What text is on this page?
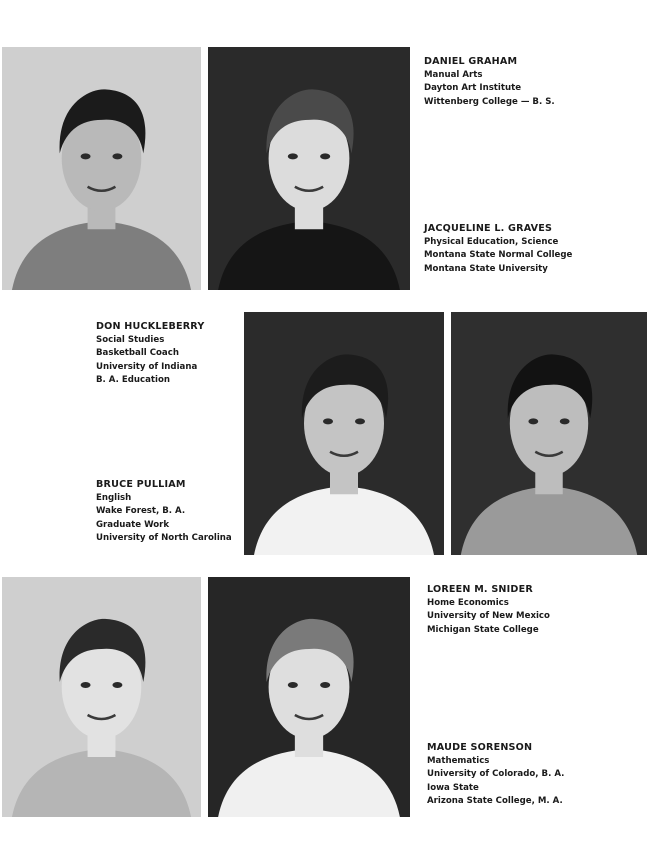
DANIEL GRAHAM
Manual Arts
Dayton Art Institute
Wittenberg College — B. S.
JACQUELINE L. GRAVES
Physical Education, Science
Montana State Normal College
Montana State University
DON HUCKLEBERRY
Social Studies
Basketball Coach
University of Indiana
B. A. Education
BRUCE PULLIAM
English
Wake Forest, B. A.
Graduate Work
University of North Carolina
LOREEN M. SNIDER
Home Economics
University of New Mexico
Michigan State College
MAUDE SORENSON
Mathematics
University of Colorado, B. A.
Iowa State
Arizona State College, M. A.
